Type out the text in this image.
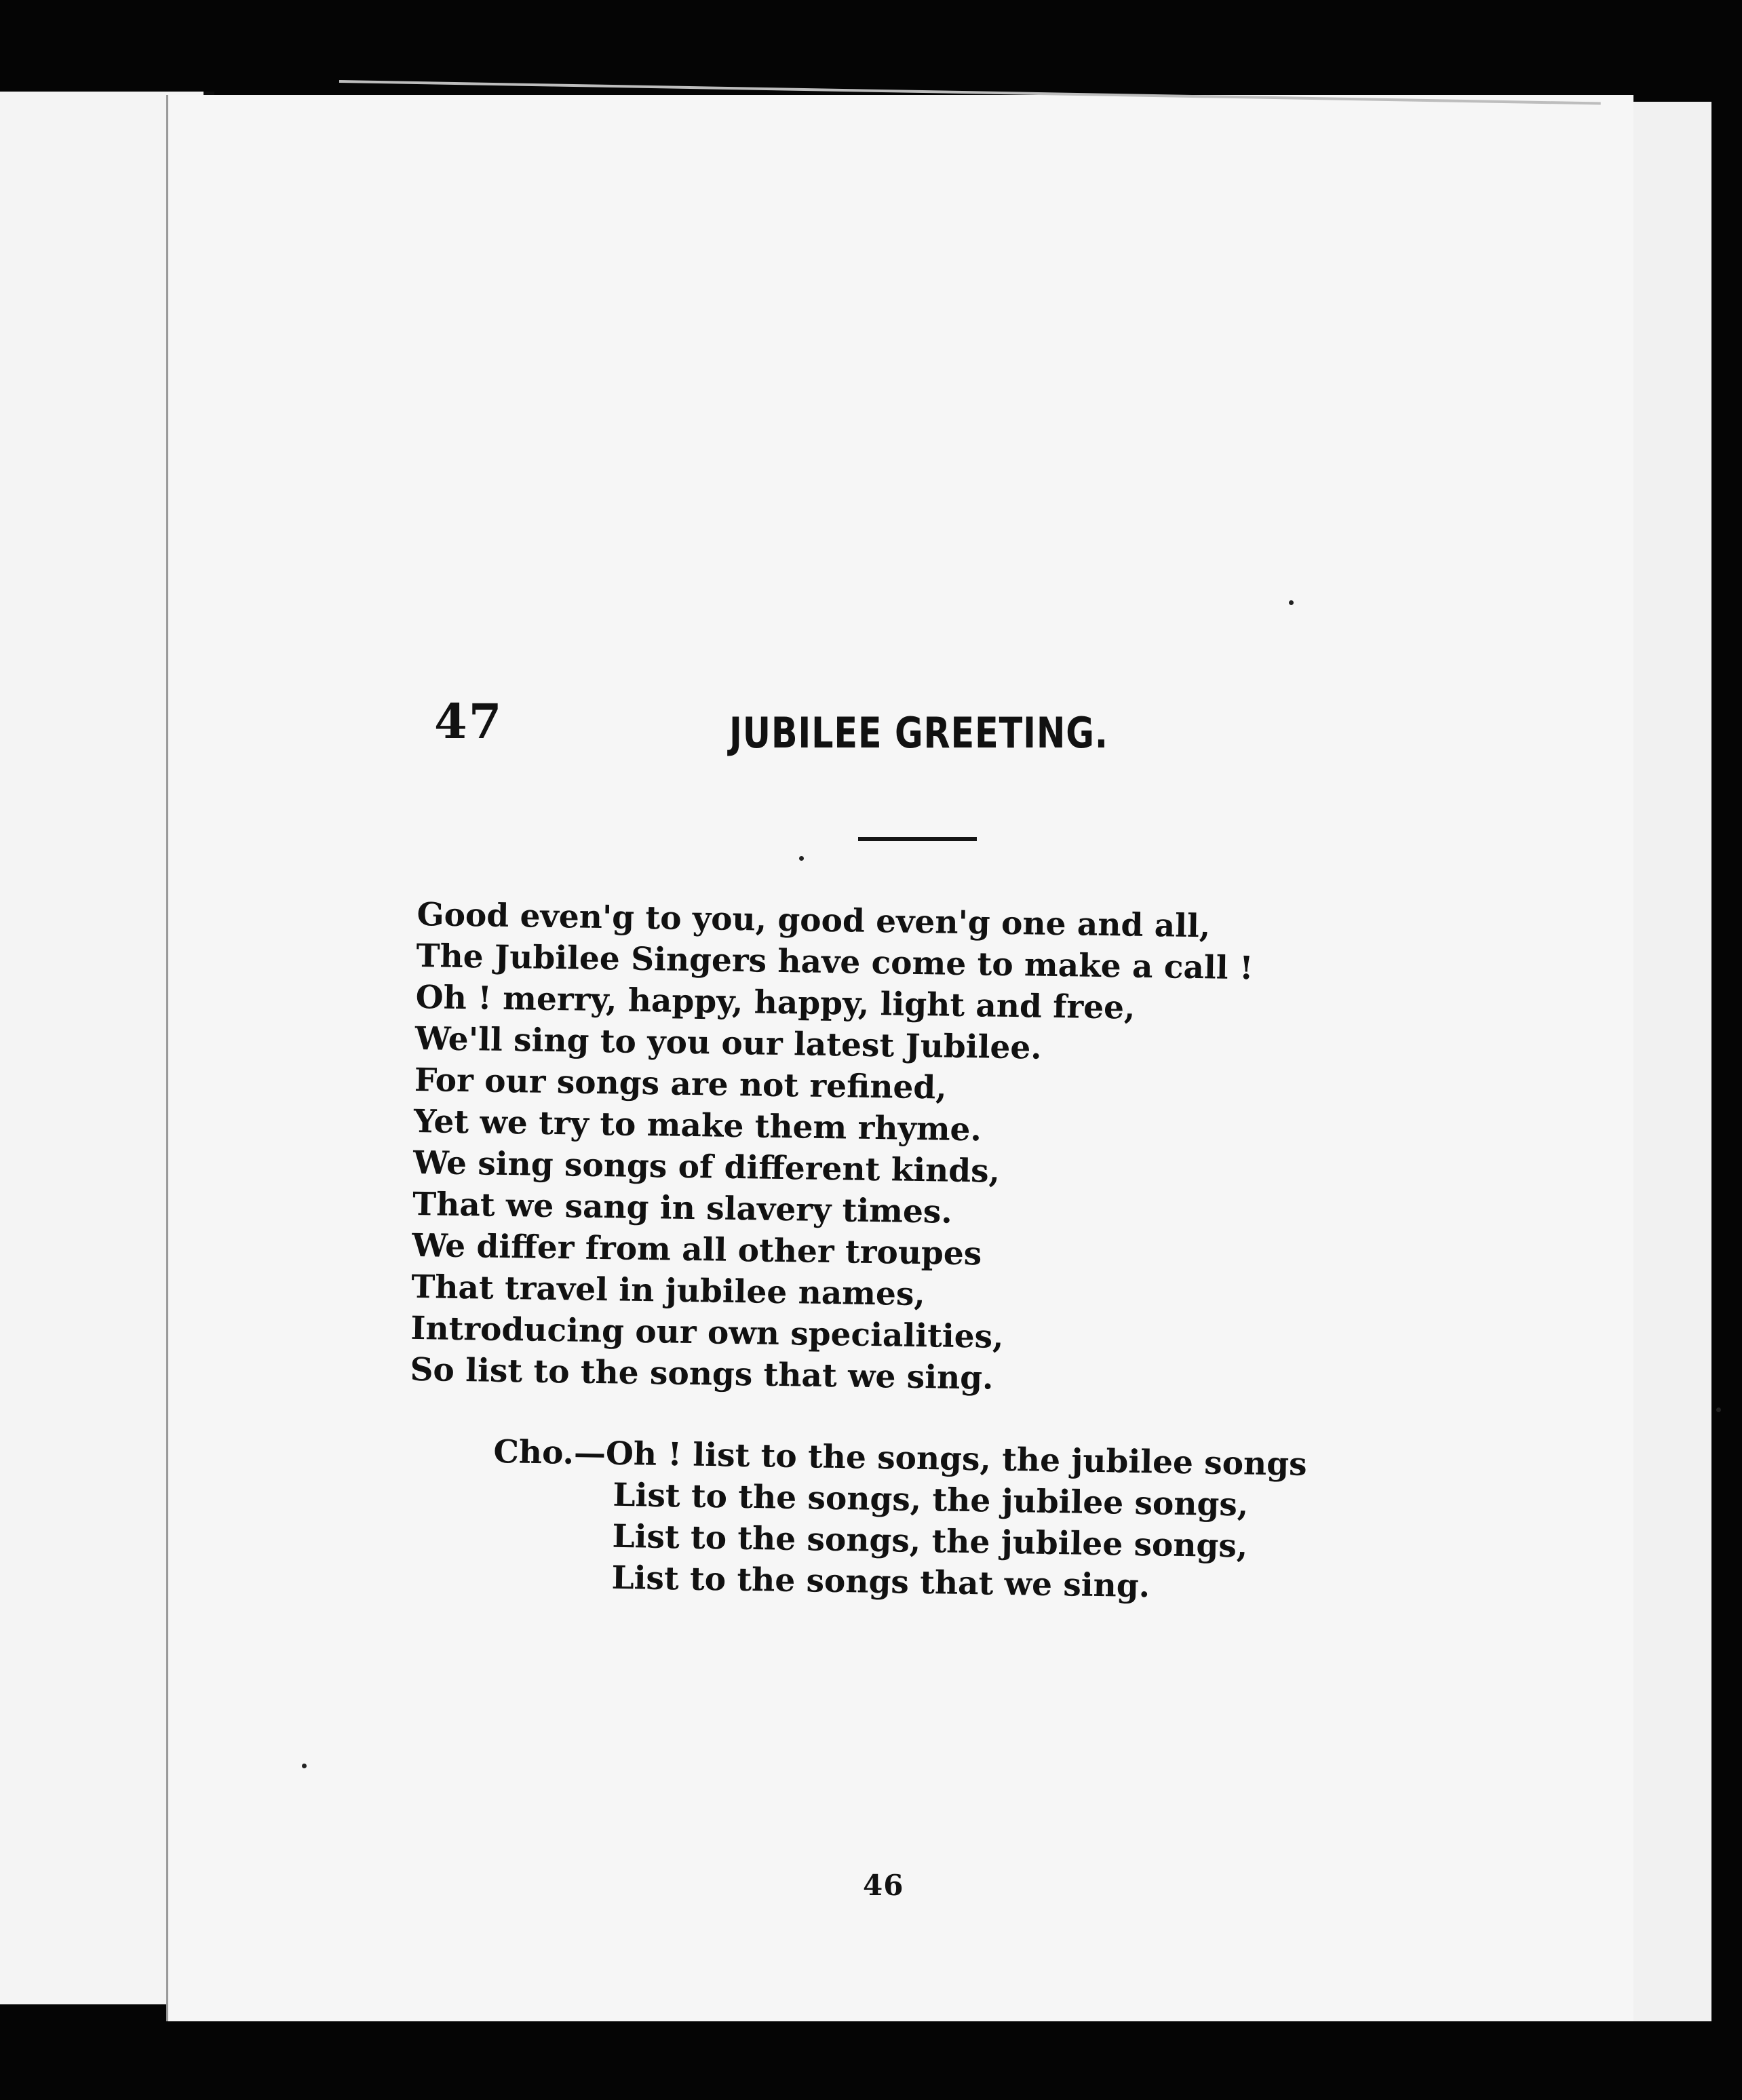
47	JUBILEE GREETING.
Good even'g to you, good even'g one and all,
The Jubilee Singers have come to make a call !
Oh ! merry, happy, happy, light and free,
We'll sing to you our latest Jubilee.
For our songs are not refined,
Yet we try to make them rhyme.
We sing songs of different kinds,
That we sang in slavery times.
We differ from all other troupes
That travel in jubilee names,
Introducing our own specialities,
So list to the songs that we sing.
Cho.—Oh ! list to the songs, the jubilee songs
List to the songs, the jubilee songs,
List to the songs, the jubilee songs,
List to the songs that we sing.
46
